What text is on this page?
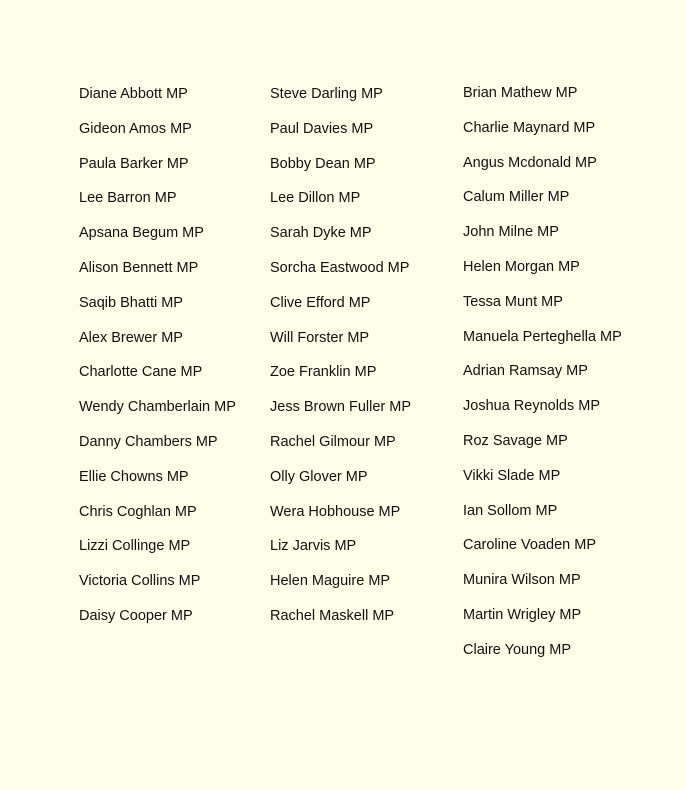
Diane Abbott MP
Gideon Amos MP
Paula Barker MP
Lee Barron MP
Apsana Begum MP
Alison Bennett MP
Saqib Bhatti MP
Alex Brewer MP
Charlotte Cane MP
Wendy Chamberlain MP
Danny Chambers MP
Ellie Chowns MP
Chris Coghlan MP
Lizzi Collinge MP
Victoria Collins MP
Daisy Cooper MP
Steve Darling MP
Paul Davies MP
Bobby Dean MP
Lee Dillon MP
Sarah Dyke MP
Sorcha Eastwood MP
Clive Efford MP
Will Forster MP
Zoe Franklin MP
Jess Brown Fuller MP
Rachel Gilmour MP
Olly Glover MP
Wera Hobhouse MP
Liz Jarvis MP
Helen Maguire MP
Rachel Maskell MP
Brian Mathew MP
Charlie Maynard MP
Angus Mcdonald MP
Calum Miller MP
John Milne MP
Helen Morgan MP
Tessa Munt MP
Manuela Perteghella MP
Adrian Ramsay MP
Joshua Reynolds MP
Roz Savage MP
Vikki Slade MP
Ian Sollom MP
Caroline Voaden MP
Munira Wilson MP
Martin Wrigley MP
Claire Young MP
